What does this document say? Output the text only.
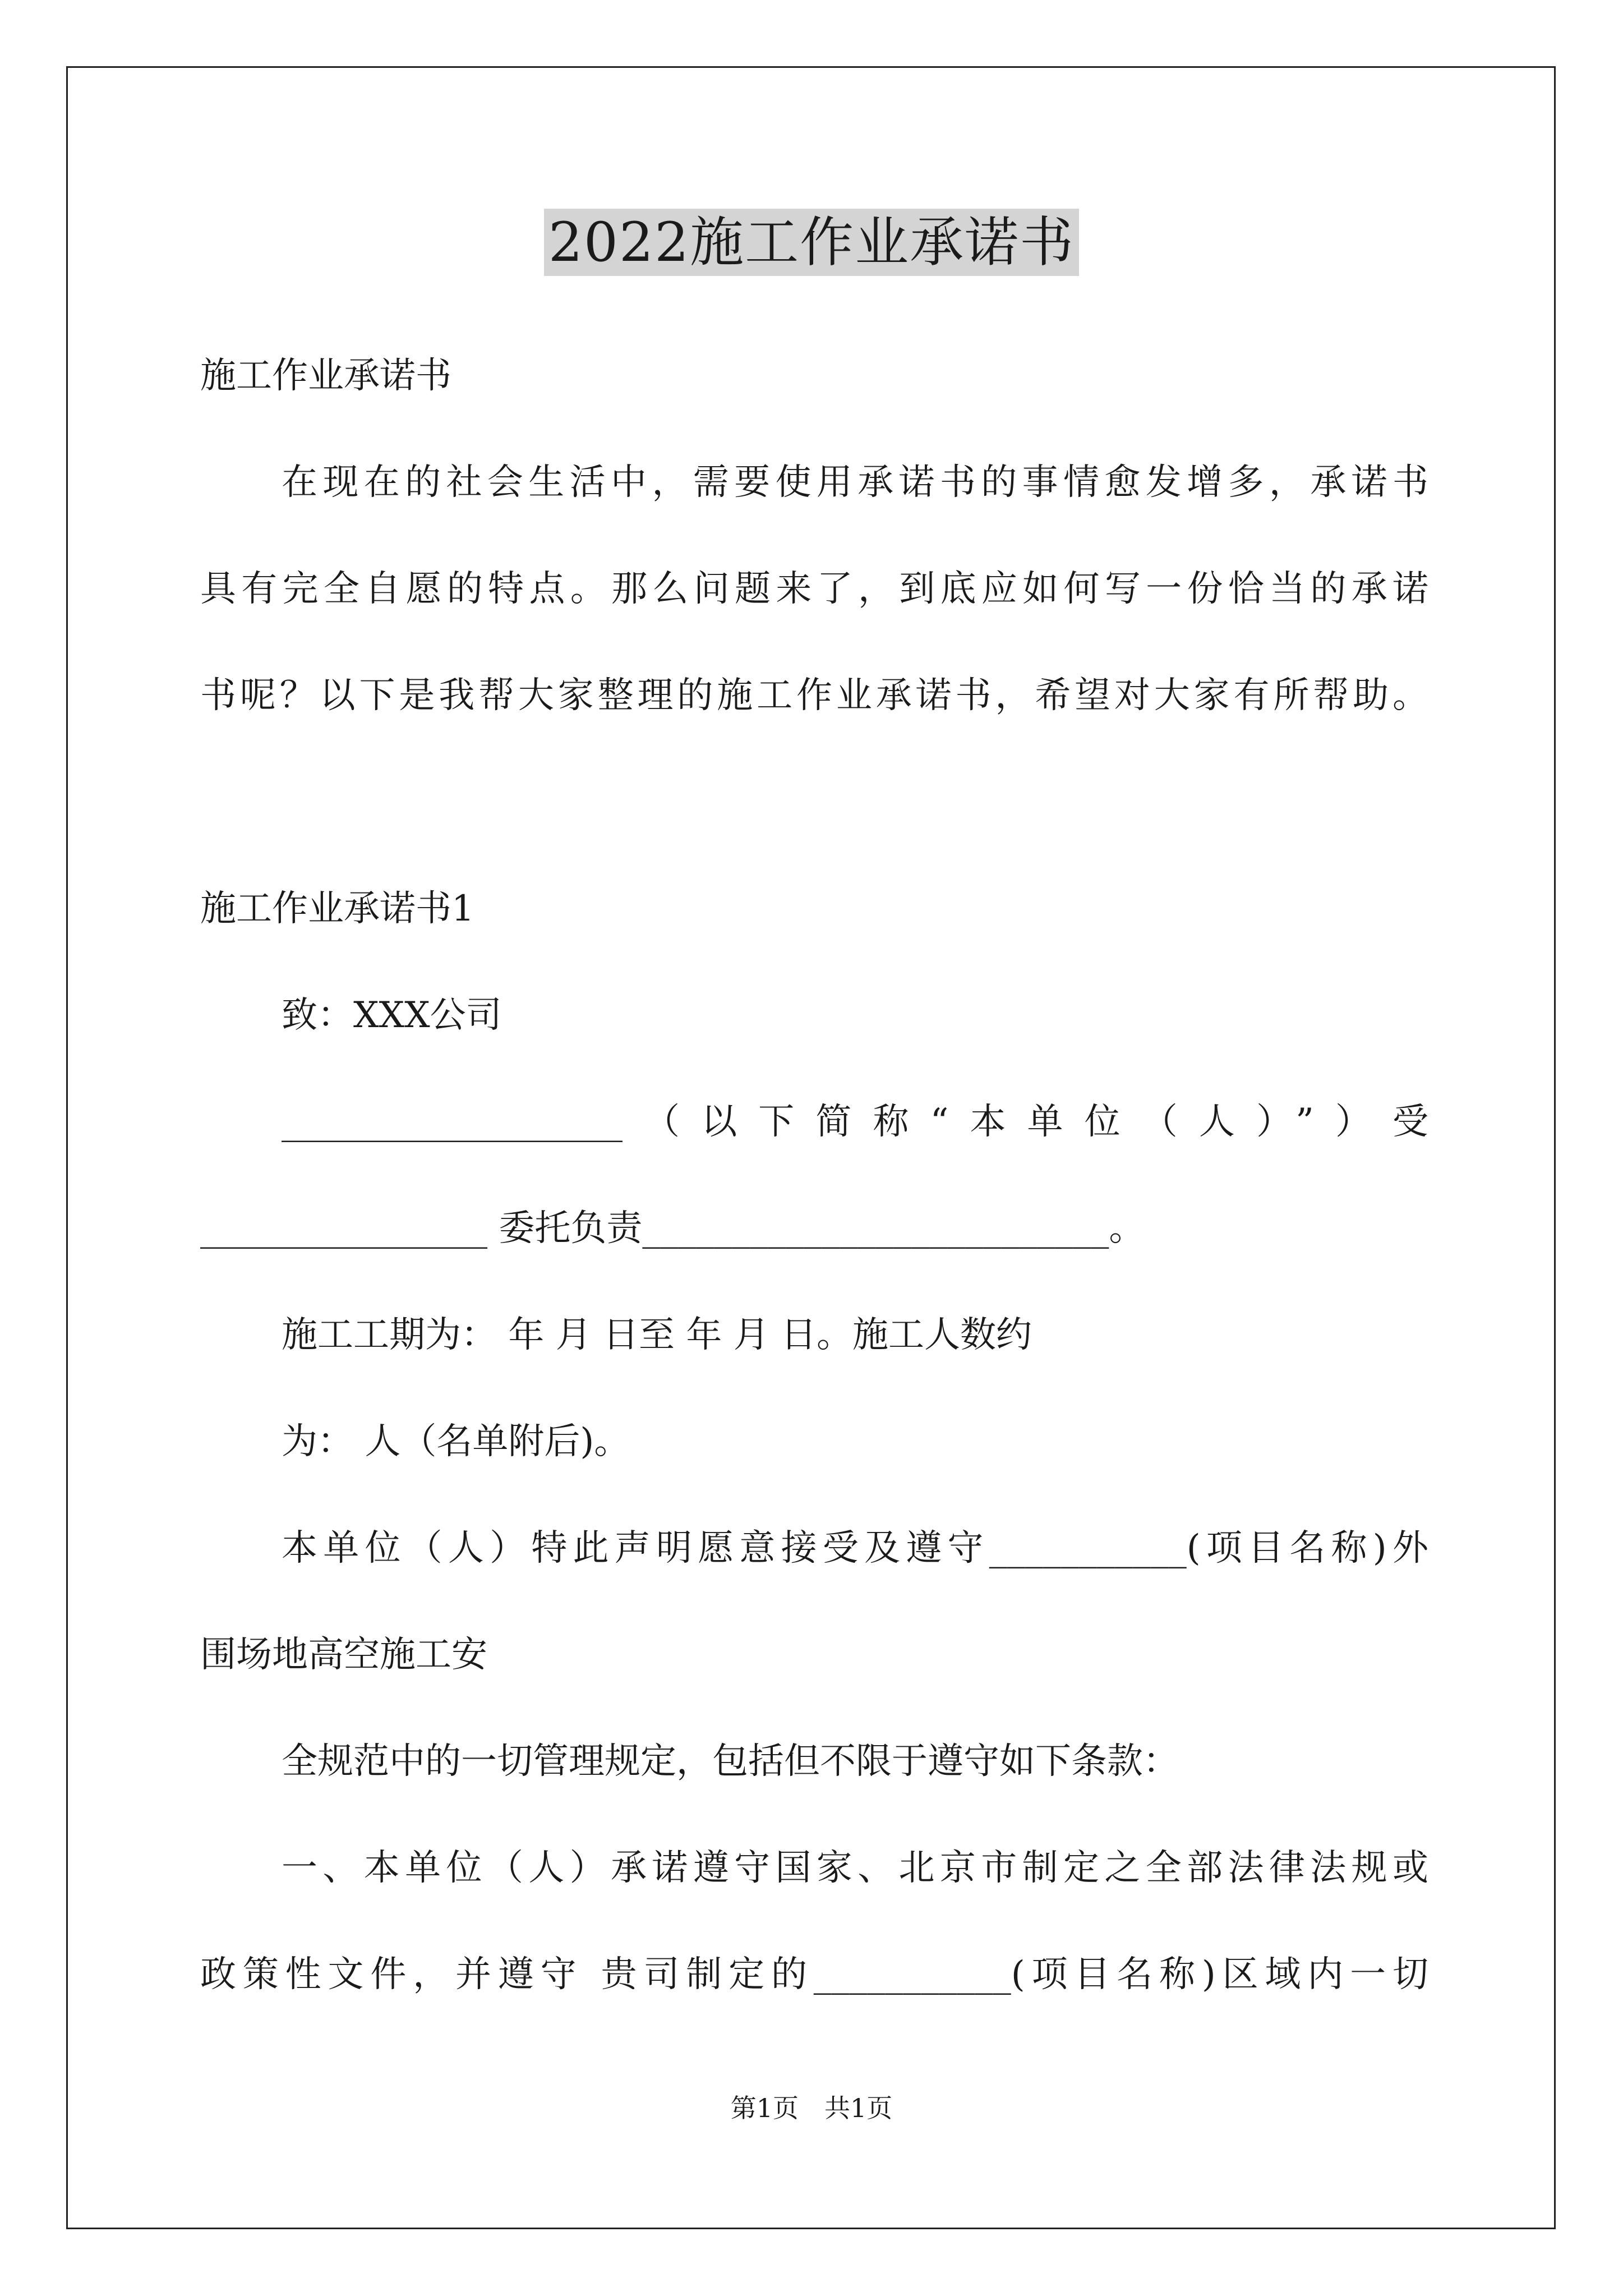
2022施工作业承诺书
施工作业承诺书
在现在的社会生活中，需要使用承诺书的事情愈发增多，承诺书
具有完全自愿的特点。那么问题来了，到底应如何写一份恰当的承诺
书呢？以下是我帮大家整理的施工作业承诺书，希望对大家有所帮助。
施工作业承诺书1
致：XXX公司
___________________（以下简称“本单位（人）”）受
________________ 委托负责__________________________。
施工工期为： 年 月 日至 年 月 日。施工人数约
为： 人（名单附后)。
本单位（人）特此声明愿意接受及遵守___________(项目名称)外
围场地高空施工安
全规范中的一切管理规定，包括但不限于遵守如下条款：
一、本单位（人）承诺遵守国家、北京市制定之全部法律法规或
政策性文件，并遵守 贵司制定的___________(项目名称)区域内一切
第1页　共1页
